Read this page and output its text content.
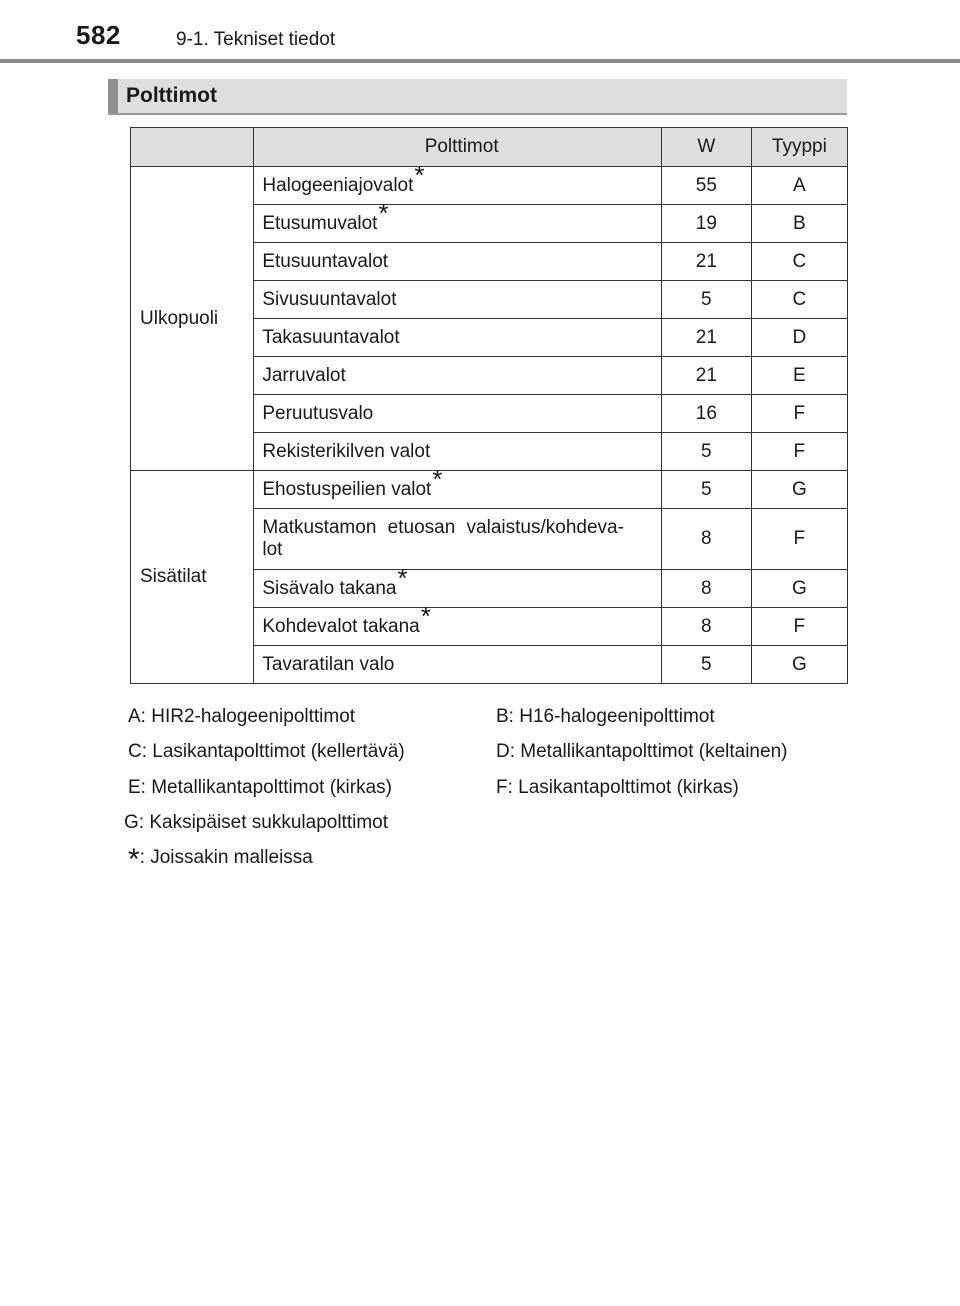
582	9-1. Tekniset tiedot
Polttimot
	Polttimot	W	Tyyppi
Ulkopuoli	Halogeeniajovalot*	55	A
	Etusumuvalot*	19	B
	Etusuuntavalot	21	C
	Sivusuuntavalot	5	C
	Takasuuntavalot	21	D
	Jarruvalot	21	E
	Peruutusvalo	16	F
	Rekisterikilven valot	5	F
Sisätilat	Ehostuspeilien valot*	5	G
	Matkustamon etuosan valaistus/kohdeva-
lot	8	F
	Sisävalo takana*	8	G
	Kohdevalot takana*	8	F
	Tavaratilan valo	5	G
A: HIR2-halogeenipolttimot	B: H16-halogeenipolttimot
C: Lasikantapolttimot (kellertävä)	D: Metallikantapolttimot (keltainen)
E: Metallikantapolttimot (kirkas)	F: Lasikantapolttimot (kirkas)
G: Kaksipäiset sukkulapolttimot
*: Joissakin malleissa
